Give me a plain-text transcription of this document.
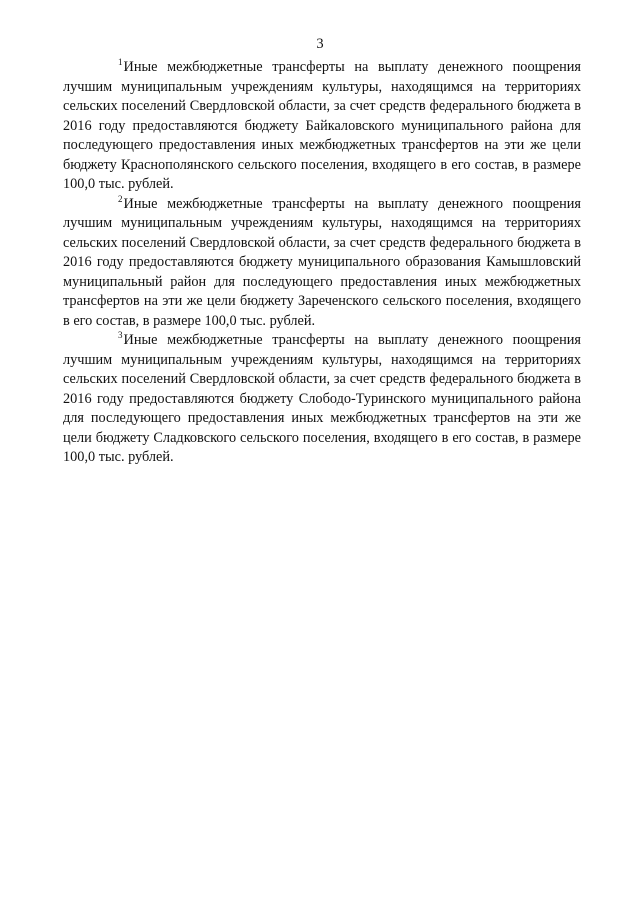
3

$^1$Иные межбюджетные трансферты на выплату денежного поощрения лучшим муниципальным учреждениям культуры, находящимся на территориях сельских поселений Свердловской области, за счет средств федерального бюджета в 2016 году предоставляются бюджету Байкаловского муниципального района для последующего предоставления иных межбюджетных трансфертов на эти же цели бюджету Краснополянского сельского поселения, входящего в его состав, в размере 100,0 тыс. рублей.

$^2$Иные межбюджетные трансферты на выплату денежного поощрения лучшим муниципальным учреждениям культуры, находящимся на территориях сельских поселений Свердловской области, за счет средств федерального бюджета в 2016 году предоставляются бюджету муниципального образования Камышловский муниципальный район для последующего предоставления иных межбюджетных трансфертов на эти же цели бюджету Зареченского сельского поселения, входящего в его состав, в размере 100,0 тыс. рублей.

$^3$Иные межбюджетные трансферты на выплату денежного поощрения лучшим муниципальным учреждениям культуры, находящимся на территориях сельских поселений Свердловской области, за счет средств федерального бюджета в 2016 году предоставляются бюджету Слободо-Туринского муниципального района для последующего предоставления иных межбюджетных трансфертов на эти же цели бюджету Сладковского сельского поселения, входящего в его состав, в размере 100,0 тыс. рублей.
